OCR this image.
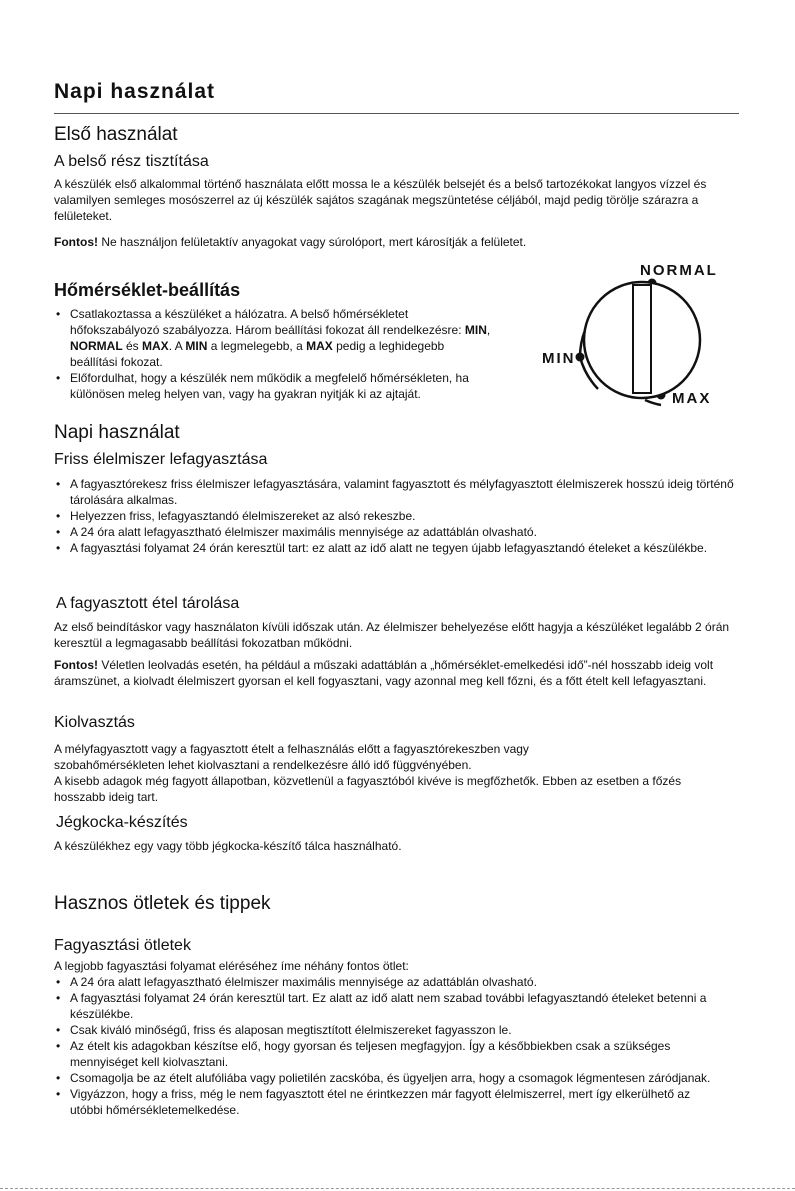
Napi használat
Első használat
A belső rész tisztítása

A készülék első alkalommal történő használata előtt mossa le a készülék belsejét és a belső tartozékokat langyos vízzel és valamilyen semleges mosószerrel az új készülék sajátos szagának megszüntetése céljából, majd pedig törölje szárazra a felületeket.

Fontos! Ne használjon felületaktív anyagokat vagy súrolóport, mert károsítják a felületet.

Hőmérséklet-beállítás
• Csatlakoztassa a készüléket a hálózatra. A belső hőmérsékletet hőfokszabályozó szabályozza. Három beállítási fokozat áll rendelkezésre: MIN, NORMAL és MAX. A MIN a legmelegebb, a MAX pedig a leghidegebb beállítási fokozat.
• Előfordulhat, hogy a készülék nem működik a megfelelő hőmérsékleten, ha különösen meleg helyen van, vagy ha gyakran nyitják ki az ajtaját.
NORMAL
MIN
MAX
Napi használat
Friss élelmiszer lefagyasztása
• A fagyasztórekesz friss élelmiszer lefagyasztására, valamint fagyasztott és mélyfagyasztott élelmiszerek hosszú ideig történő tárolására alkalmas.
• Helyezzen friss, lefagyasztandó élelmiszereket az alsó rekeszbe.
• A 24 óra alatt lefagyasztható élelmiszer maximális mennyisége az adattáblán olvasható.
• A fagyasztási folyamat 24 órán keresztül tart: ez alatt az idő alatt ne tegyen újabb lefagyasztandó ételeket a készülékbe.
A fagyasztott étel tárolása

Az első beindításkor vagy használaton kívüli időszak után. Az élelmiszer behelyezése előtt hagyja a készüléket legalább 2 órán keresztül a legmagasabb beállítási fokozatban működni.

Fontos! Véletlen leolvadás esetén, ha például a műszaki adattáblán a „hőmérséklet-emelkedési idő”-nél hosszabb ideig volt áramszünet, a kiolvadt élelmiszert gyorsan el kell fogyasztani, vagy azonnal meg kell főzni, és a főtt ételt kell lefagyasztani.

Kiolvasztás

A mélyfagyasztott vagy a fagyasztott ételt a felhasználás előtt a fagyasztórekeszben vagy szobahőmérsékleten lehet kiolvasztani a rendelkezésre álló idő függvényében.

A kisebb adagok még fagyott állapotban, közvetlenül a fagyasztóból kivéve is megfőzhetők. Ebben az esetben a főzés hosszabb ideig tart.

Jégkocka-készítés

A készülékhez egy vagy több jégkocka-készítő tálca használható.

Hasznos ötletek és tippek
Fagyasztási ötletek

A legjobb fagyasztási folyamat eléréséhez íme néhány fontos ötlet:

• A 24 óra alatt lefagyasztható élelmiszer maximális mennyisége az adattáblán olvasható.
• A fagyasztási folyamat 24 órán keresztül tart. Ez alatt az idő alatt nem szabad további lefagyasztandó ételeket betenni a készülékbe.
• Csak kiváló minőségű, friss és alaposan megtisztított élelmiszereket fagyasszon le.
• Az ételt kis adagokban készítse elő, hogy gyorsan és teljesen megfagyjon. Így a későbbiekben csak a szükséges mennyiséget kell kiolvasztani.
• Csomagolja be az ételt alufóliába vagy polietilén zacskóba, és ügyeljen arra, hogy a csomagok légmentesen záródjanak.
• Vigyázzon, hogy a friss, még le nem fagyasztott étel ne érintkezzen már fagyott élelmiszerrel, mert így elkerülhető az utóbbi hőmérsékletemelkedése.
